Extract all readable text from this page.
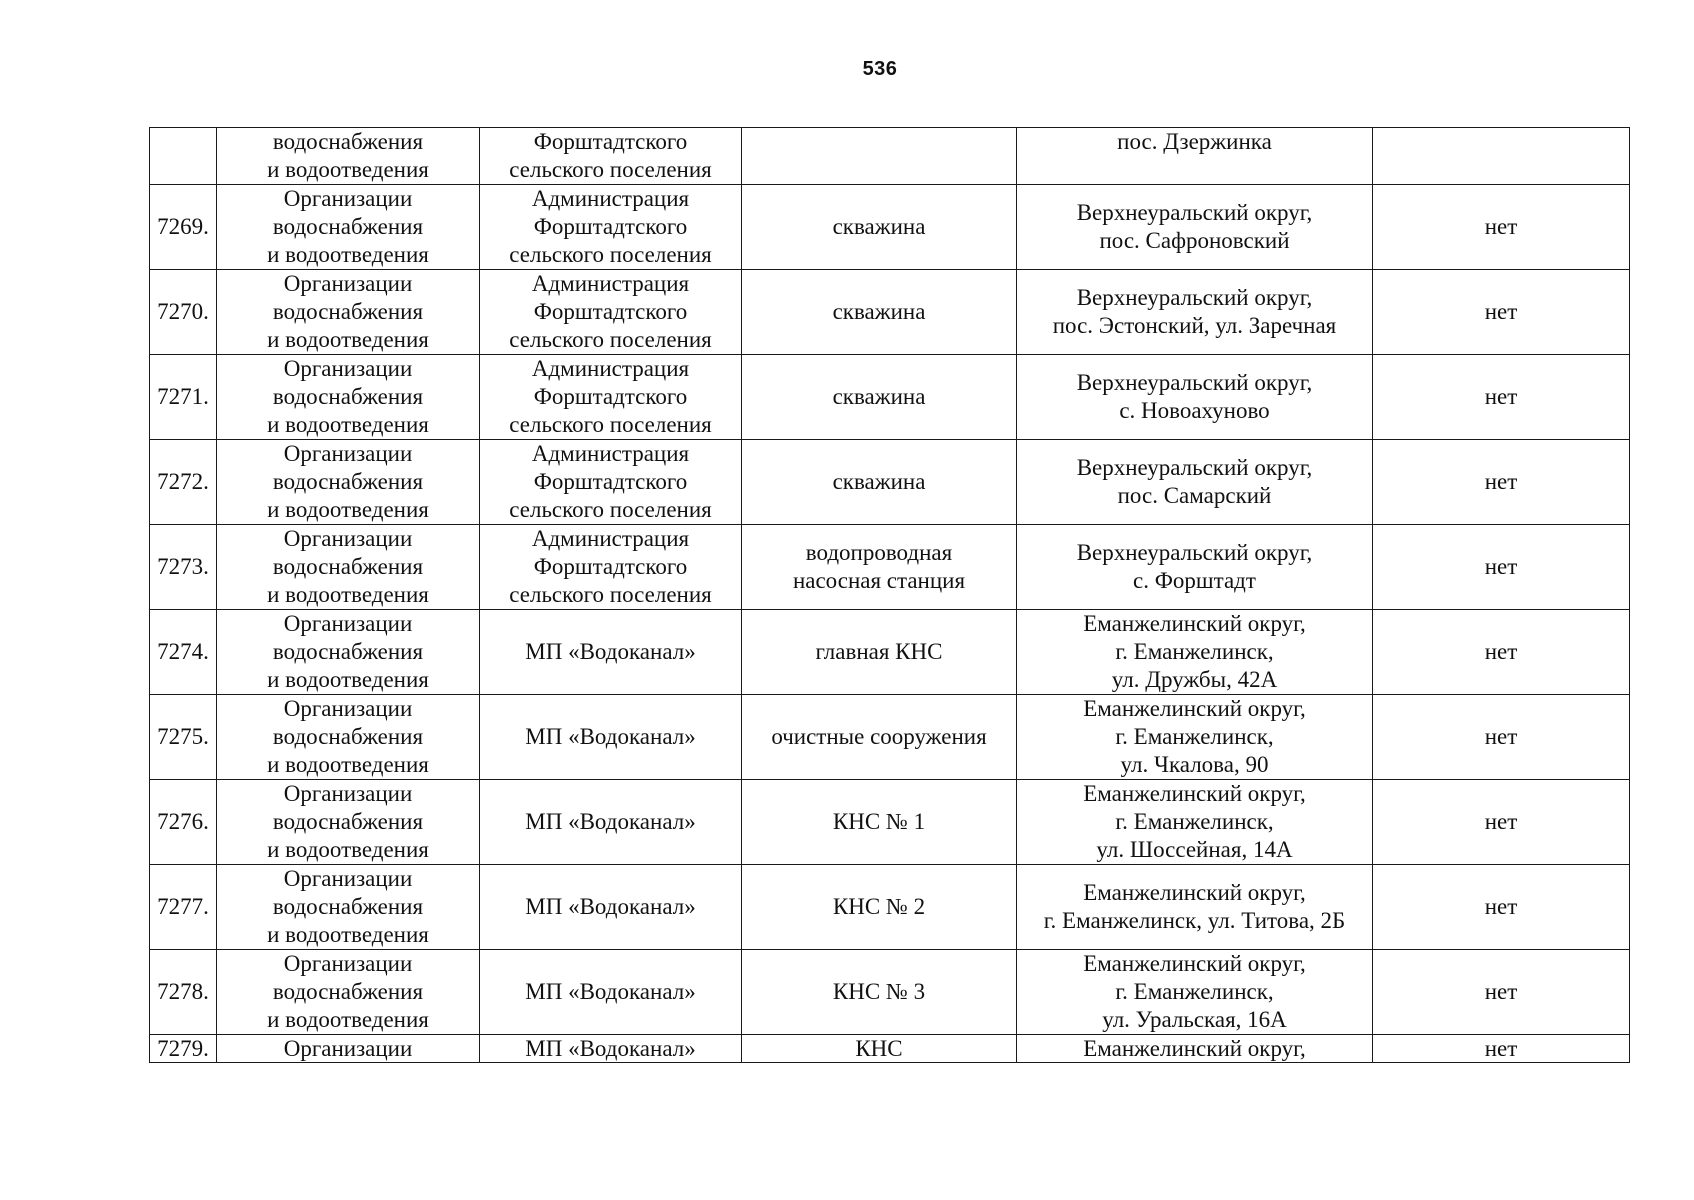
536
	водоснабжения
и водоотведения	Форштадтского
сельского поселения		пос. Дзержинка	
7269.	Организации
водоснабжения
и водоотведения	Администрация
Форштадтского
сельского поселения	скважина	Верхнеуральский округ,
пос. Сафроновский	нет
7270.	Организации
водоснабжения
и водоотведения	Администрация
Форштадтского
сельского поселения	скважина	Верхнеуральский округ,
пос. Эстонский, ул. Заречная	нет
7271.	Организации
водоснабжения
и водоотведения	Администрация
Форштадтского
сельского поселения	скважина	Верхнеуральский округ,
с. Новоахуново	нет
7272.	Организации
водоснабжения
и водоотведения	Администрация
Форштадтского
сельского поселения	скважина	Верхнеуральский округ,
пос. Самарский	нет
7273.	Организации
водоснабжения
и водоотведения	Администрация
Форштадтского
сельского поселения	водопроводная
насосная станция	Верхнеуральский округ,
с. Форштадт	нет
7274.	Организации
водоснабжения
и водоотведения	МП «Водоканал»	главная КНС	Еманжелинский округ,
г. Еманжелинск,
ул. Дружбы, 42А	нет
7275.	Организации
водоснабжения
и водоотведения	МП «Водоканал»	очистные сооружения	Еманжелинский округ,
г. Еманжелинск,
ул. Чкалова, 90	нет
7276.	Организации
водоснабжения
и водоотведения	МП «Водоканал»	КНС № 1	Еманжелинский округ,
г. Еманжелинск,
ул. Шоссейная, 14А	нет
7277.	Организации
водоснабжения
и водоотведения	МП «Водоканал»	КНС № 2	Еманжелинский округ,
г. Еманжелинск, ул. Титова, 2Б	нет
7278.	Организации
водоснабжения
и водоотведения	МП «Водоканал»	КНС № 3	Еманжелинский округ,
г. Еманжелинск,
ул. Уральская, 16А	нет
7279.	Организации	МП «Водоканал»	КНС	Еманжелинский округ,	нет
